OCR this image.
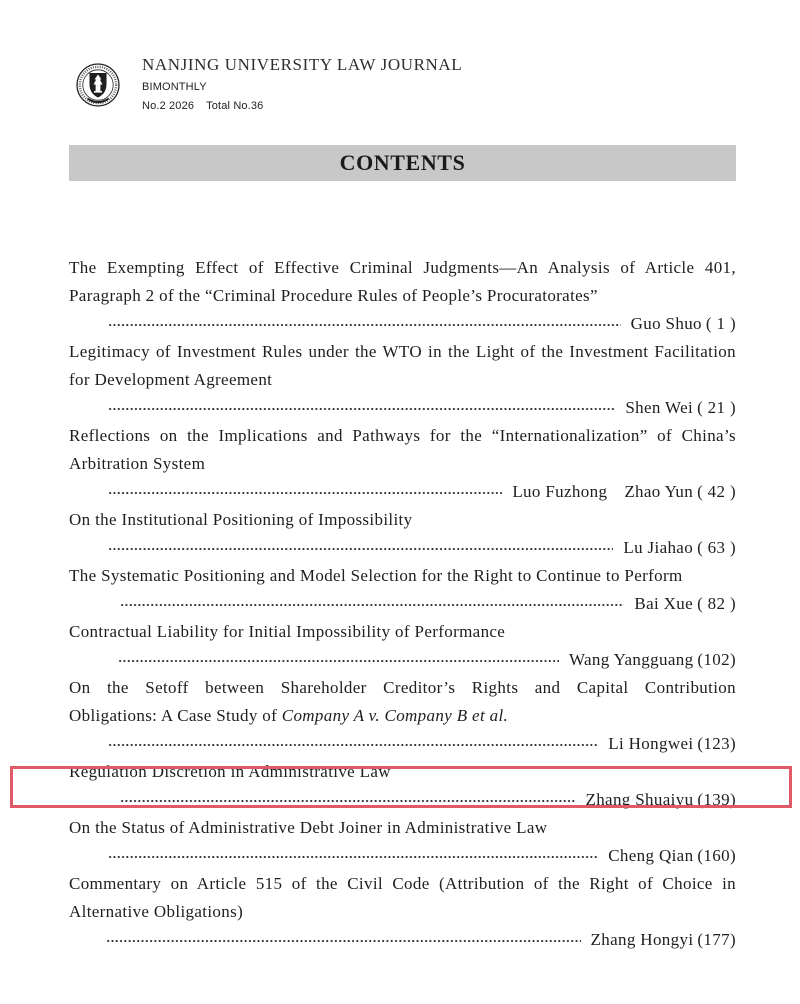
NANJING UNIVERSITY LAW JOURNAL
BIMONTHLY
No.2 2026 Total No.36
CONTENTS
The Exempting Effect of Effective Criminal Judgments—An Analysis of Article 401,
Paragraph 2 of the “Criminal Procedure Rules of People’s Procuratorates”
Guo Shuo ( 1 )
Legitimacy of Investment Rules under the WTO in the Light of the Investment Facilitation
for Development Agreement
Shen Wei ( 21 )
Reflections on the Implications and Pathways for the “Internationalization” of China’s
Arbitration System
Luo Fuzhong Zhao Yun ( 42 )
On the Institutional Positioning of Impossibility
Lu Jiahao ( 63 )
The Systematic Positioning and Model Selection for the Right to Continue to Perform
Bai Xue ( 82 )
Contractual Liability for Initial Impossibility of Performance
Wang Yangguang (102)
On the Setoff between Shareholder Creditor’s Rights and Capital Contribution
Obligations: A Case Study of Company A v. Company B et al.
Li Hongwei (123)
Regulation Discretion in Administrative Law
Zhang Shuaiyu (139)
On the Status of Administrative Debt Joiner in Administrative Law
Cheng Qian (160)
Commentary on Article 515 of the Civil Code (Attribution of the Right of Choice in
Alternative Obligations)
Zhang Hongyi (177)
